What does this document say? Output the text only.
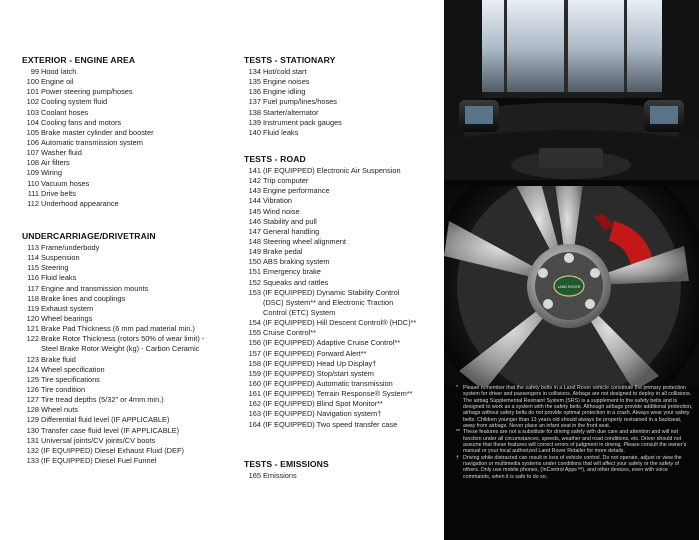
EXTERIOR - ENGINE AREA
99 Hood latch
100 Engine oil
101 Power steering pump/hoses
102 Cooling system fluid
103 Coolant hoses
104 Cooling fans and motors
105 Brake master cylinder and booster
106 Automatic transmission system
107 Washer fluid
108 Air filters
109 Wiring
110 Vacuum hoses
111 Drive belts
112 Underhood appearance
UNDERCARRIAGE/DRIVETRAIN
113 Frame/underbody
114 Suspension
115 Steering
116 Fluid leaks
117 Engine and transmission mounts
118 Brake lines and couplings
119 Exhaust system
120 Wheel bearings
121 Brake Pad Thickness (6 mm pad material min.)
122 Brake Rotor Thickness (rotors 50% of wear limit) -
Steel Brake Rotor Weight (kg) - Carbon Ceramic
123 Brake fluid
124 Wheel specification
125 Tire specifications
126 Tire condition
127 Tire tread depths (5/32" or 4mm min.)
128 Wheel nuts
129 Differential fluid level (IF APPLICABLE)
130 Transfer case fluid level (IF APPLICABLE)
131 Universal joints/CV joints/CV boots
132 (IF EQUIPPED) Diesel Exhaust Fluid (DEF)
133 (IF EQUIPPED) Diesel Fuel Funnel
TESTS - STATIONARY
134 Hot/cold start
135 Engine noises
136 Engine idling
137 Fuel pump/lines/hoses
138 Starter/alternator
139 Instrument pack gauges
140 Fluid leaks
TESTS - ROAD
141 (IF EQUIPPED) Electronic Air Suspension
142 Trip computer
143 Engine performance
144 Vibration
145 Wind noise
146 Stability and pull
147 General handling
148 Steering wheel alignment
149 Brake pedal
150 ABS braking system
151 Emergency brake
152 Squeaks and rattles
153 (IF EQUIPPED) Dynamic Stability Control
(DSC) System** and Electronic Traction
Control (ETC) System
154 (IF EQUIPPED) Hill Descent Control® (HDC)**
155 Cruise Control**
156 (IF EQUIPPED) Adaptive Cruise Control**
157 (IF EQUIPPED) Forward Alert**
158 (IF EQUIPPED) Head Up Display†
159 (IF EQUIPPED) Stop/start system
160 (IF EQUIPPED) Automatic transmission
161 (IF EQUIPPED) Terrain Response® System**
162 (IF EQUIPPED) Blind Spot Monitor**
163 (IF EQUIPPED) Navigation system†
164 (IF EQUIPPED) Two speed transfer case
TESTS - EMISSIONS
165 Emissions
LAND ROVER

* Please remember that the safety belts in a Land Rover vehicle constitute the primary protection system for driver and passengers in collisions. Airbags are not designed to deploy in all collisions. The airbag Supplemental Restraint System (SRS) is a supplement to the safety belts and is designed to work as a system with the safety belts. Although airbags provide additional protection, airbags without safety belts do not provide optimal protection in a crash. Always wear your safety belts. Children younger than 13 years old should always be properly restrained in a backseat, away from airbags. Never place an infant seat in the front seat.

** These features are not a substitute for driving safely with due care and attention and will not function under all circumstances, speeds, weather and road conditions, etc. Driver should not assume that these features will correct errors of judgment in driving. Please consult the owner's manual or your local authorized Land Rover Retailer for more details.

† Driving while distracted can result in loss of vehicle control. Do not operate, adjust or view the navigation or multimedia systems under conditions that will affect your safety or the safety of others. Only use mobile phones, (InControl Apps™), and other devices, even with voice commands, when it is safe to do so.
